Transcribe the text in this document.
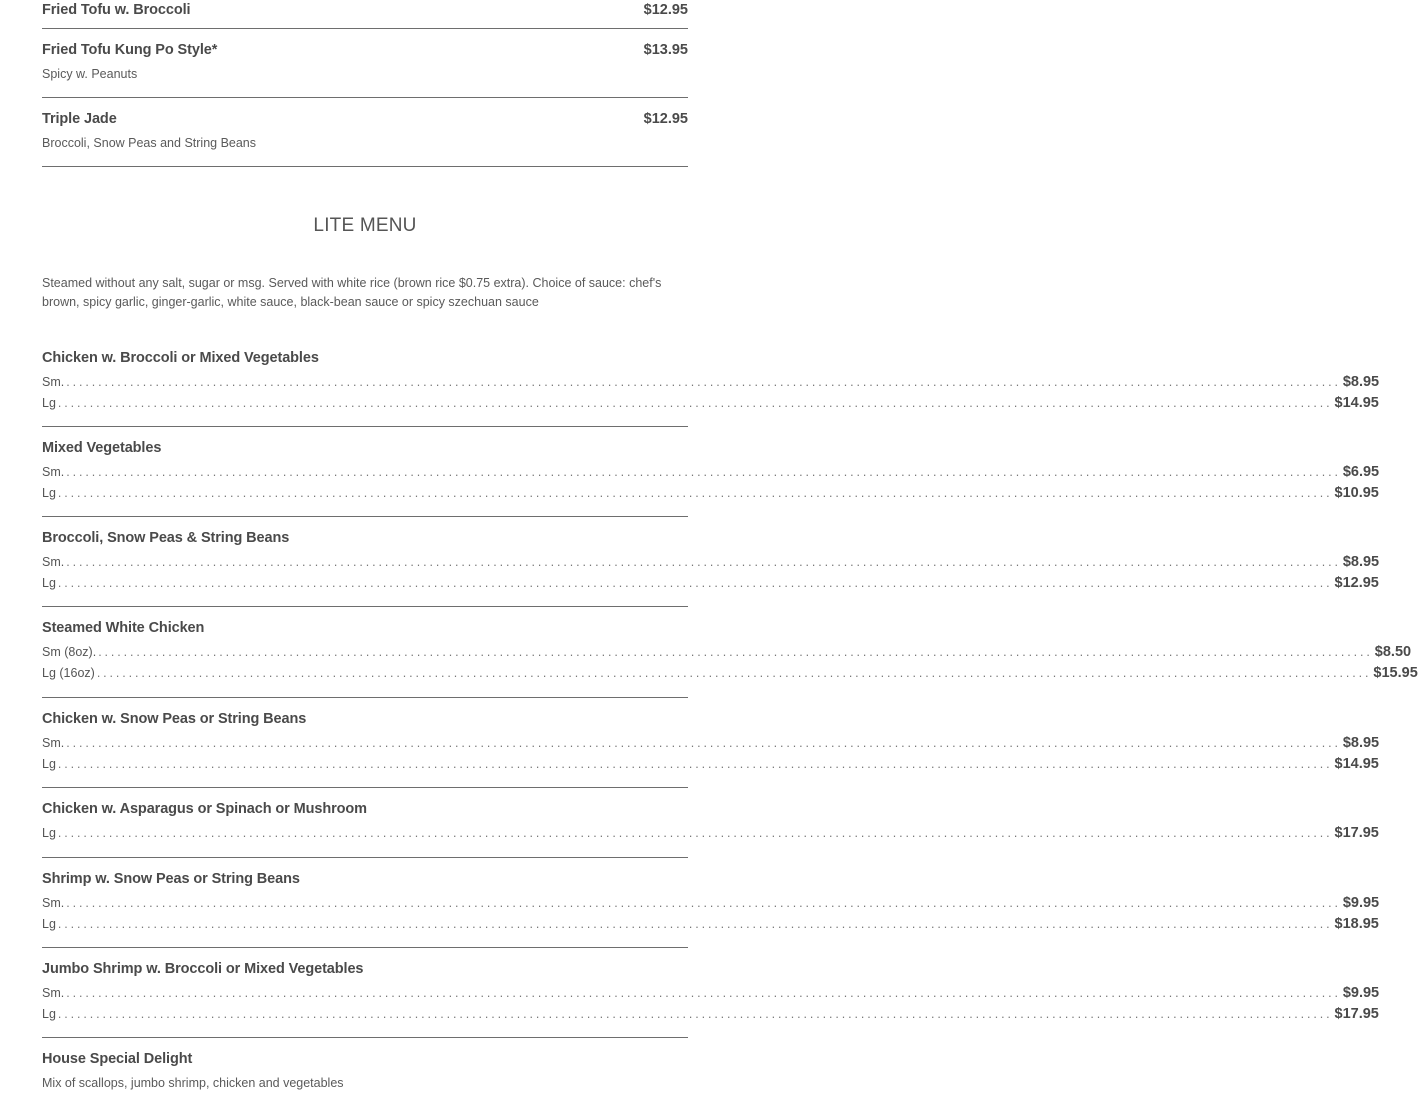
Fried Tofu w. Broccoli	$12.95
Fried Tofu Kung Po Style*	$13.95
Spicy w. Peanuts
Triple Jade	$12.95
Broccoli, Snow Peas and String Beans
LITE MENU
Steamed without any salt, sugar or msg. Served with white rice (brown rice $0.75 extra). Choice of sauce: chef's brown, spicy garlic, ginger-garlic, white sauce, black-bean sauce or spicy szechuan sauce
Chicken w. Broccoli or Mixed Vegetables
Sm. ........................................................................................................................................................................................................ $8.95
Lg ........................................................................................................................................................................................................ $14.95
Mixed Vegetables
Sm. ........................................................................................................................................................................................................ $6.95
Lg ........................................................................................................................................................................................................ $10.95
Broccoli, Snow Peas & String Beans
Sm. ........................................................................................................................................................................................................ $8.95
Lg ........................................................................................................................................................................................................ $12.95
Steamed White Chicken
Sm (8oz). ........................................................................................................................................................................................................ $8.50
Lg (16oz) ........................................................................................................................................................................................................ $15.95
Chicken w. Snow Peas or String Beans
Sm. ........................................................................................................................................................................................................ $8.95
Lg ........................................................................................................................................................................................................ $14.95
Chicken w. Asparagus or Spinach or Mushroom
Lg ........................................................................................................................................................................................................ $17.95
Shrimp w. Snow Peas or String Beans
Sm. ........................................................................................................................................................................................................ $9.95
Lg ........................................................................................................................................................................................................ $18.95
Jumbo Shrimp w. Broccoli or Mixed Vegetables
Sm. ........................................................................................................................................................................................................ $9.95
Lg ........................................................................................................................................................................................................ $17.95
House Special Delight
Mix of scallops, jumbo shrimp, chicken and vegetables
